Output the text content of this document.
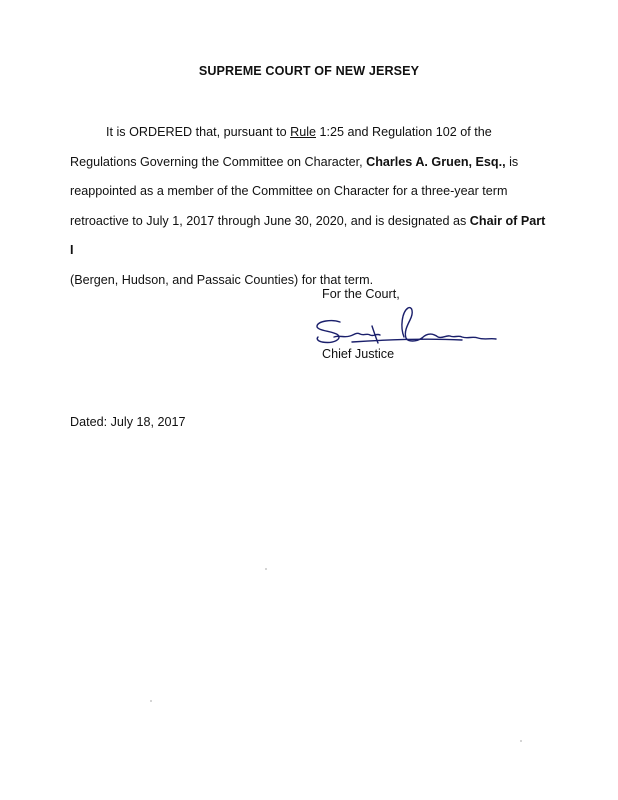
SUPREME COURT OF NEW JERSEY

It is ORDERED that, pursuant to Rule 1:25 and Regulation 102 of the

Regulations Governing the Committee on Character, Charles A. Gruen, Esq., is

reappointed as a member of the Committee on Character for a three-year term

retroactive to July 1, 2017 through June 30, 2020, and is designated as Chair of Part I

(Bergen, Hudson, and Passaic Counties) for that term.

For the Court,
Chief Justice
Dated: July 18, 2017
